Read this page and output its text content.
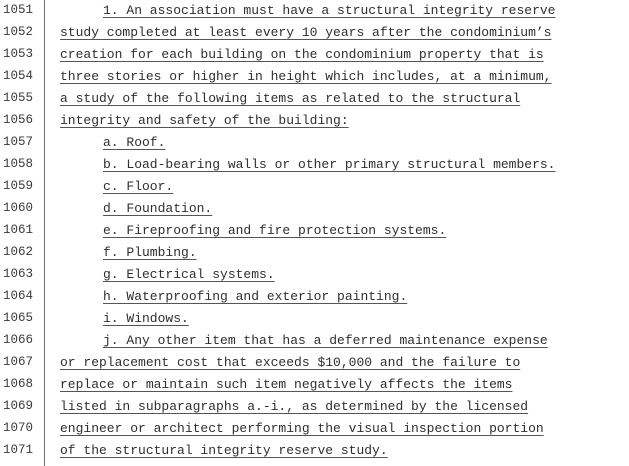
1051	1. An association must have a structural integrity reserve
1052	study completed at least every 10 years after the condominium’s
1053	creation for each building on the condominium property that is
1054	three stories or higher in height which includes, at a minimum,
1055	a study of the following items as related to the structural
1056	integrity and safety of the building:
1057	a. Roof.
1058	b. Load-bearing walls or other primary structural members.
1059	c. Floor.
1060	d. Foundation.
1061	e. Fireproofing and fire protection systems.
1062	f. Plumbing.
1063	g. Electrical systems.
1064	h. Waterproofing and exterior painting.
1065	i. Windows.
1066	j. Any other item that has a deferred maintenance expense
1067	or replacement cost that exceeds $10,000 and the failure to
1068	replace or maintain such item negatively affects the items
1069	listed in subparagraphs a.-i., as determined by the licensed
1070	engineer or architect performing the visual inspection portion
1071	of the structural integrity reserve study.
